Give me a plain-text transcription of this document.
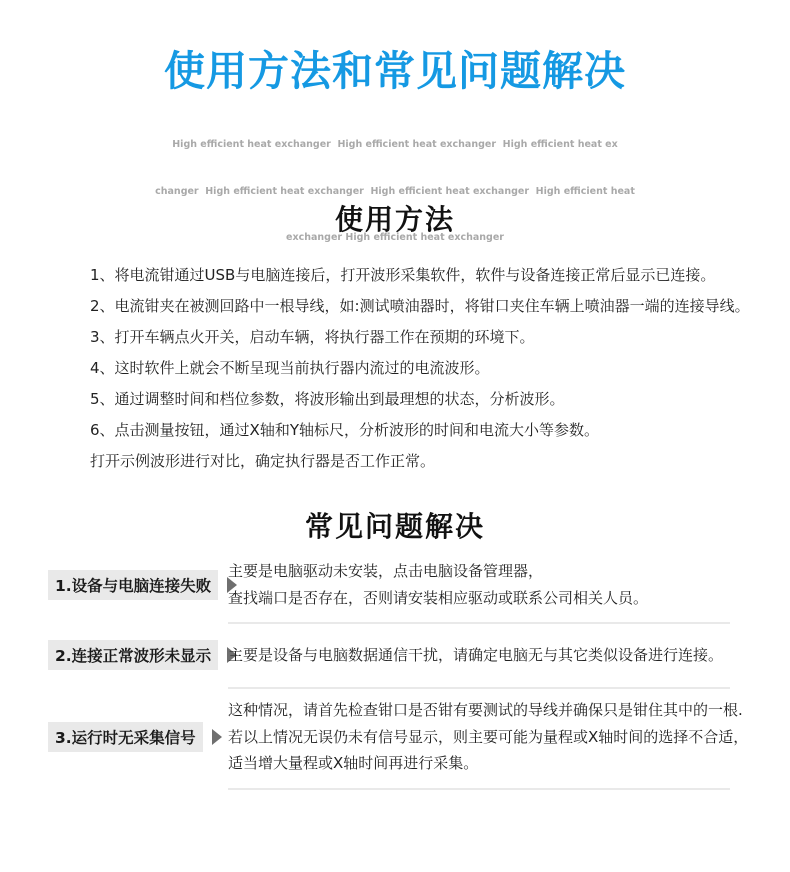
使用方法和常见问题解决

High efficient heat exchanger  High efficient heat exchanger  High efficient heat ex

changer  High efficient heat exchanger  High efficient heat exchanger  High efficient heat

exchanger High efficient heat exchanger

使用方法
1、将电流钳通过USB与电脑连接后，打开波形采集软件，软件与设备连接正常后显示已连接。
2、电流钳夹在被测回路中一根导线，如:测试喷油器时，将钳口夹住车辆上喷油器一端的连接导线。
3、打开车辆点火开关，启动车辆，将执行器工作在预期的环境下。
4、这时软件上就会不断呈现当前执行器内流过的电流波形。
5、通过调整时间和档位参数，将波形输出到最理想的状态，分析波形。
6、点击测量按钮，通过X轴和Y轴标尺，分析波形的时间和电流大小等参数。
打开示例波形进行对比，确定执行器是否工作正常。
常见问题解决
1.设备与电脑连接失败
主要是电脑驱动未安装，点击电脑设备管理器，
查找端口是否存在，否则请安装相应驱动或联系公司相关人员。
2.连接正常波形未显示	主要是设备与电脑数据通信干扰，请确定电脑无与其它类似设备进行连接。
3.运行时无采集信号
这种情况，请首先检查钳口是否钳有要测试的导线并确保只是钳住其中的一根.
若以上情况无误仍未有信号显示，则主要可能为量程或X轴时间的选择不合适，
适当增大量程或X轴时间再进行采集。
